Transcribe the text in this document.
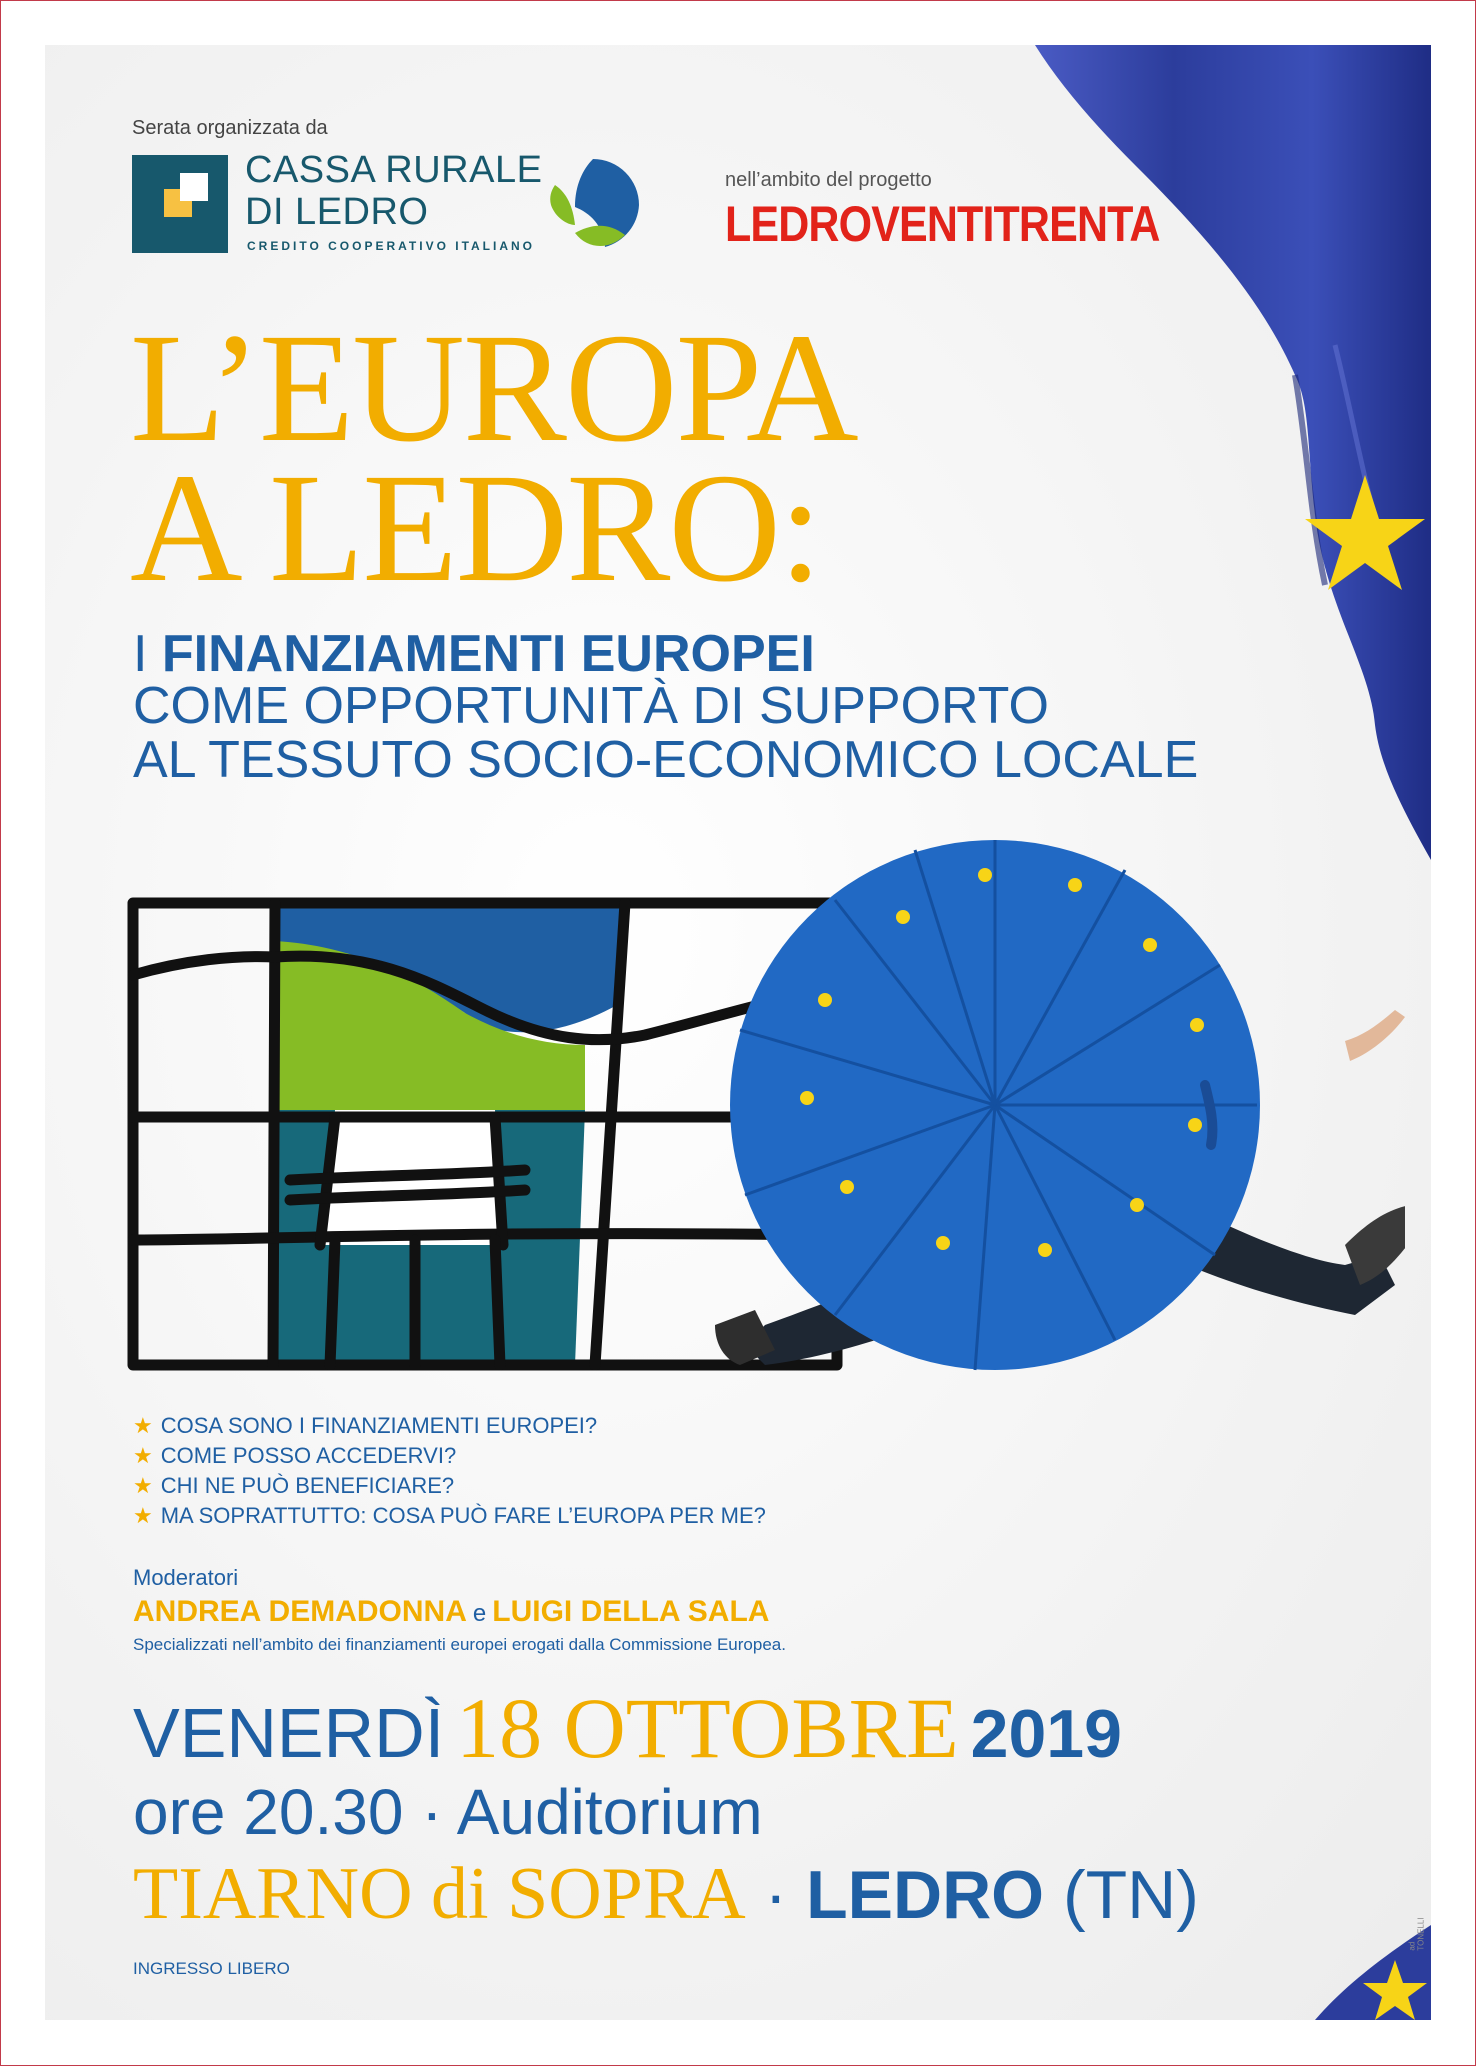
Serata organizzata da
CASSA RURALE
DI LEDRO
CREDITO COOPERATIVO ITALIANO
nell’ambito del progetto
LEDROVENTITRENTA
L’EUROPA
A LEDRO:
I FINANZIAMENTI EUROPEI
COME OPPORTUNITÀ DI SUPPORTO
AL TESSUTO SOCIO-ECONOMICO LOCALE
★ COSA SONO I FINANZIAMENTI EUROPEI?
★ COME POSSO ACCEDERVI?
★ CHI NE PUÒ BENEFICIARE?
★ MA SOPRATTUTTO: COSA PUÒ FARE L’EUROPA PER ME?
Moderatori
ANDREA DEMADONNA e LUIGI DELLA SALA
Specializzati nell’ambito dei finanziamenti europei erogati dalla Commissione Europea.
VENERDÌ 18 OTTOBRE 2019
ore 20.30 · Auditorium
TIARNO di SOPRA · LEDRO (TN)
INGRESSO LIBERO
ad TONELLI
